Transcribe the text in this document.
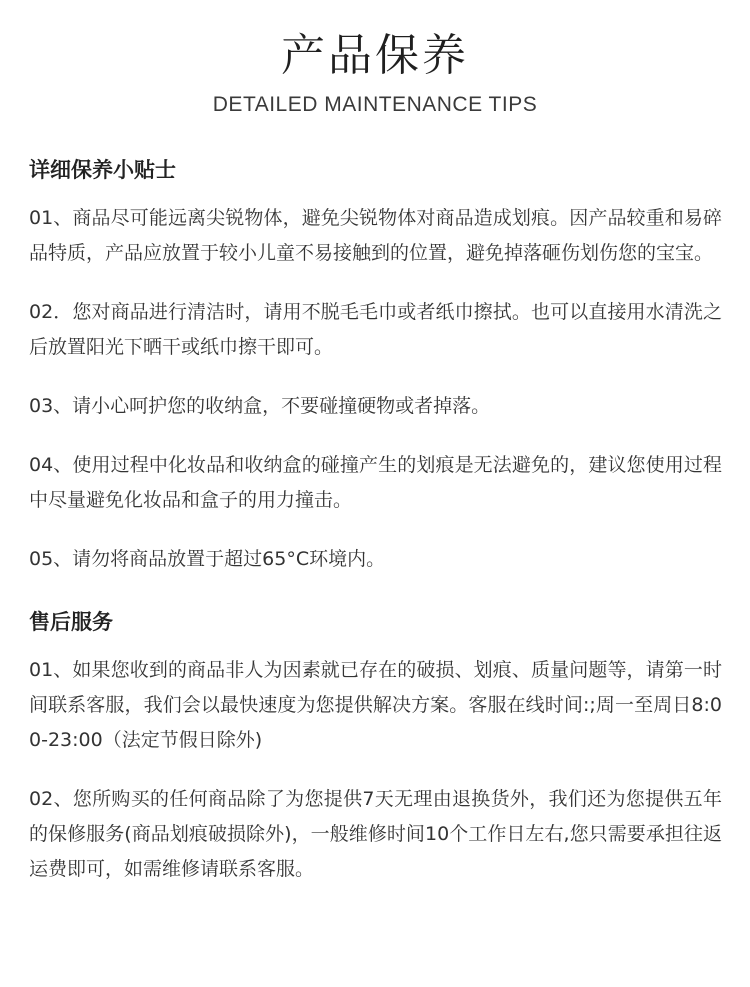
产品保养
DETAILED MAINTENANCE TIPS
详细保养小贴士

01、商品尽可能远离尖锐物体，避免尖锐物体对商品造成划痕。因产品较重和易碎品特质，产品应放置于较小儿童不易接触到的位置，避免掉落砸伤划伤您的宝宝。

02．您对商品进行清洁时，请用不脱毛毛巾或者纸巾擦拭。也可以直接用水清洗之后放置阳光下晒干或纸巾擦干即可。

03、请小心呵护您的收纳盒，不要碰撞硬物或者掉落。

04、使用过程中化妆品和收纳盒的碰撞产生的划痕是无法避免的，建议您使用过程中尽量避免化妆品和盒子的用力撞击。

05、请勿将商品放置于超过65°C环境内。

售后服务

01、如果您收到的商品非人为因素就已存在的破损、划痕、质量问题等，请第一时间联系客服，我们会以最快速度为您提供解决方案。客服在线时间:;周一至周日8:00-23:00（法定节假日除外)

02、您所购买的任何商品除了为您提供7天无理由退换货外，我们还为您提供五年的保修服务(商品划痕破损除外)，一般维修时间10个工作日左右,您只需要承担往返运费即可，如需维修请联系客服。
